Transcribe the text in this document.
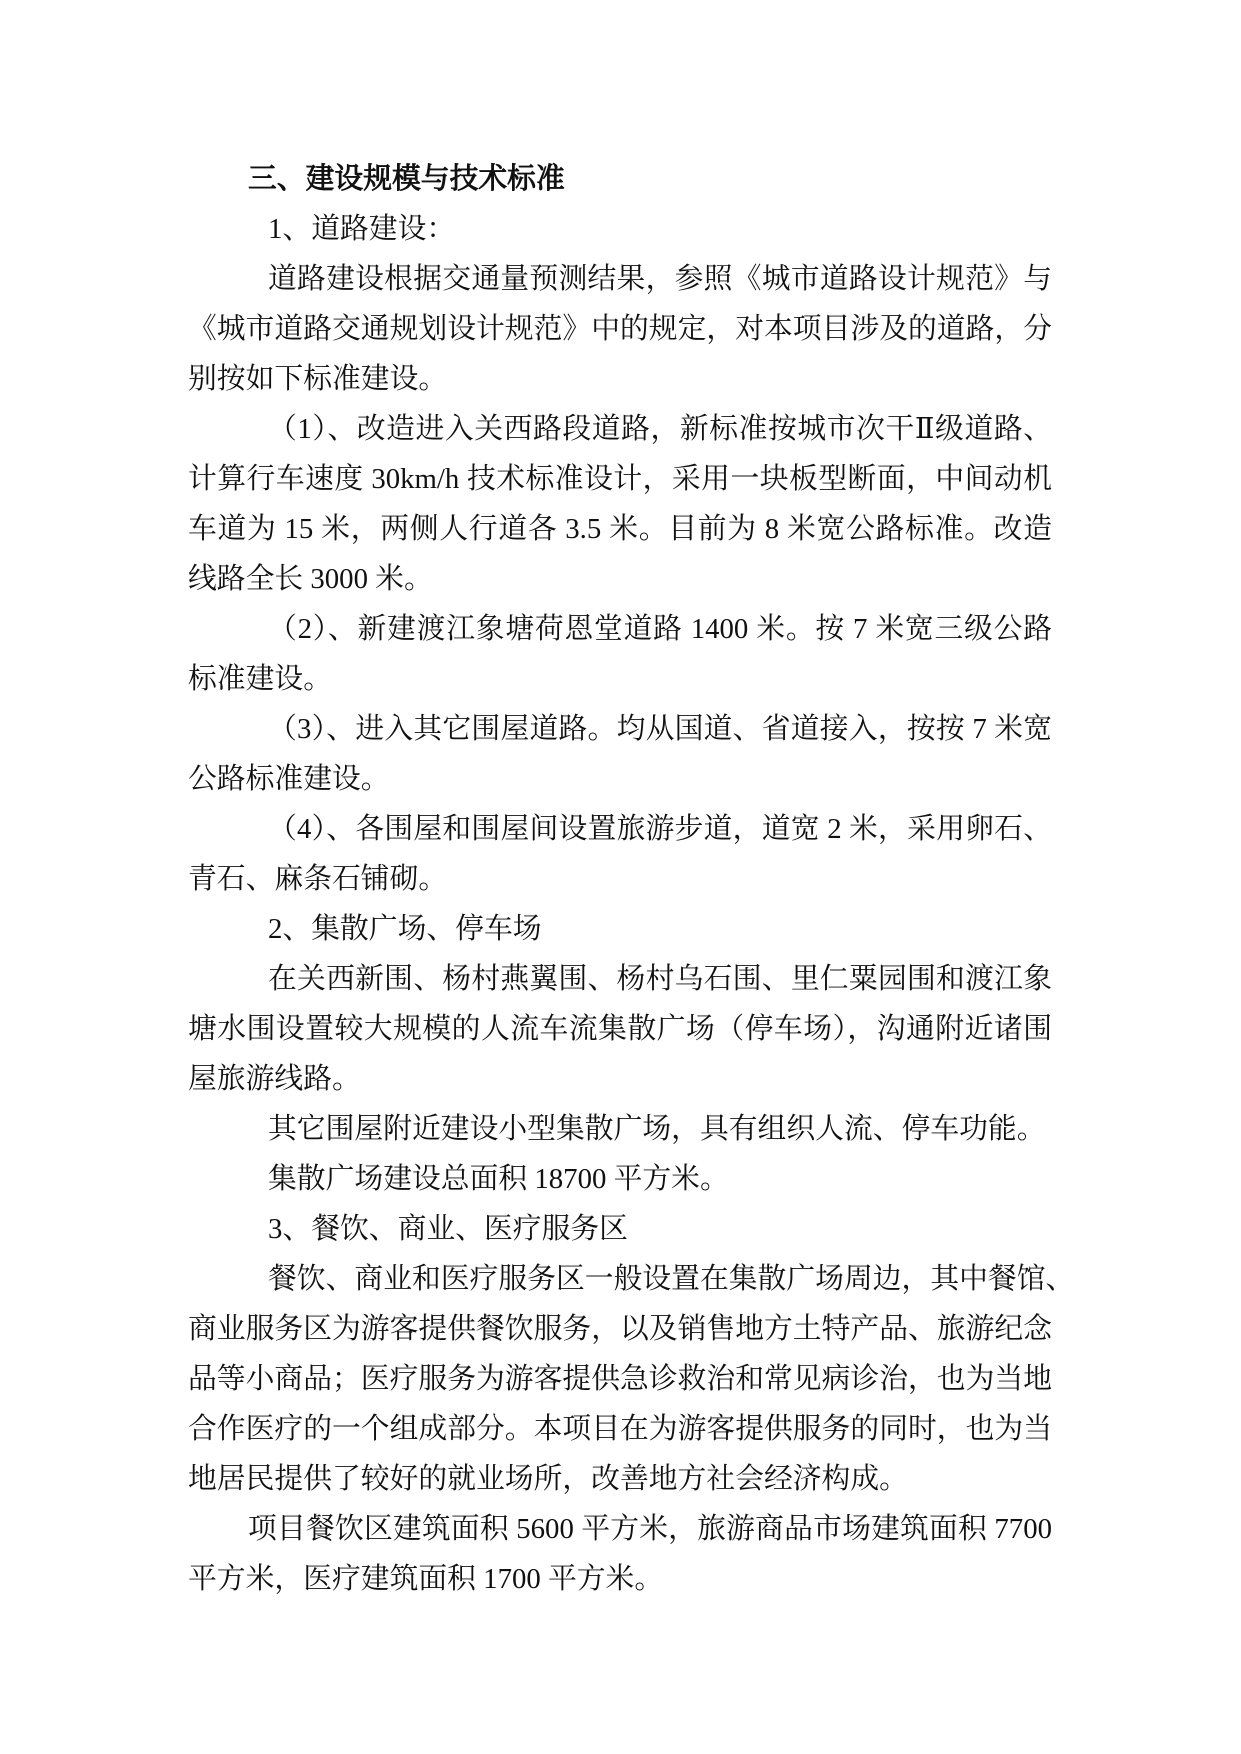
三、建设规模与技术标准
1、道路建设：
道路建设根据交通量预测结果，参照《城市道路设计规范》与
《城市道路交通规划设计规范》中的规定，对本项目涉及的道路，分
别按如下标准建设。
（1）、改造进入关西路段道路，新标准按城市次干Ⅱ级道路、
计算行车速度 30km/h 技术标准设计，采用一块板型断面，中间动机
车道为 15 米，两侧人行道各 3.5 米。目前为 8 米宽公路标准。改造
线路全长 3000 米。
（2）、新建渡江象塘荷恩堂道路 1400 米。按 7 米宽三级公路
标准建设。
（3）、进入其它围屋道路。均从国道、省道接入，按按 7 米宽
公路标准建设。
（4）、各围屋和围屋间设置旅游步道，道宽 2 米，采用卵石、
青石、麻条石铺砌。
2、集散广场、停车场
在关西新围、杨村燕翼围、杨村乌石围、里仁粟园围和渡江象
塘水围设置较大规模的人流车流集散广场（停车场），沟通附近诸围
屋旅游线路。
其它围屋附近建设小型集散广场，具有组织人流、停车功能。
集散广场建设总面积 18700 平方米。
3、餐饮、商业、医疗服务区
餐饮、商业和医疗服务区一般设置在集散广场周边，其中餐馆、
商业服务区为游客提供餐饮服务，以及销售地方土特产品、旅游纪念
品等小商品；医疗服务为游客提供急诊救治和常见病诊治，也为当地
合作医疗的一个组成部分。本项目在为游客提供服务的同时，也为当
地居民提供了较好的就业场所，改善地方社会经济构成。
项目餐饮区建筑面积 5600 平方米，旅游商品市场建筑面积 7700
平方米，医疗建筑面积 1700 平方米。
